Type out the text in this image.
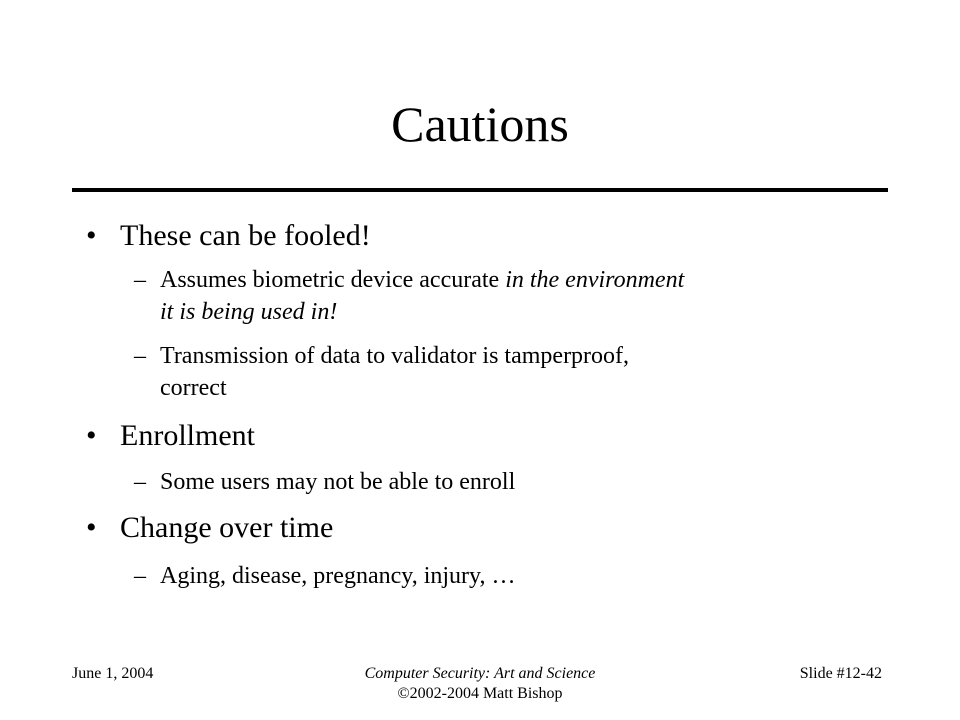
Cautions
• These can be fooled!
– Assumes biometric device accurate in the environment
it is being used in!
– Transmission of data to validator is tamperproof,
correct
• Enrollment
– Some users may not be able to enroll
• Change over time
– Aging, disease, pregnancy, injury, …
June 1, 2004	Computer Security: Art and Science
©2002-2004 Matt Bishop
Slide #12-42
